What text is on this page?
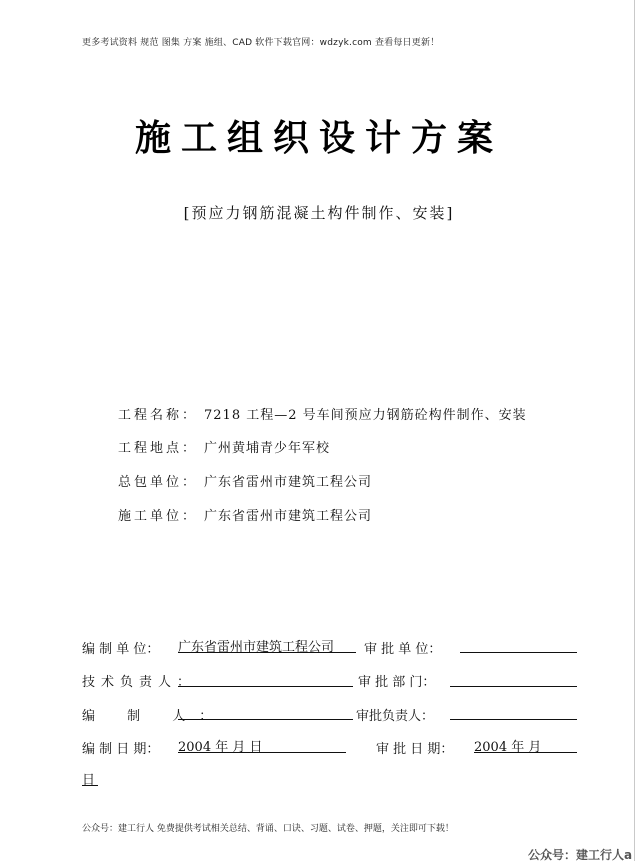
更多考试资料 规范 图集 方案 施组、CAD 软件下载官网：wdzyk.com 查看每日更新！
施工组织设计方案
[预应力钢筋混凝土构件制作、安装]
工程名称： 7218 工程—2 号车间预应力钢筋砼构件制作、安装
工程地点： 广州黄埔青少年军校
总包单位： 广东省雷州市建筑工程公司
施工单位： 广东省雷州市建筑工程公司
编 制 单 位： 广东省雷州市建筑工程公司	审 批 单 位：
技术负责人：	审 批 部 门：
编 制 人：	审批负责人：
编 制 日 期： 2004 年 月 日	审 批 日 期： 2004 年 月
日
公众号：建工行人 免费提供考试相关总结、背诵、口诀、习题、试卷、押题，关注即可下载！
公众号：建工行人a
